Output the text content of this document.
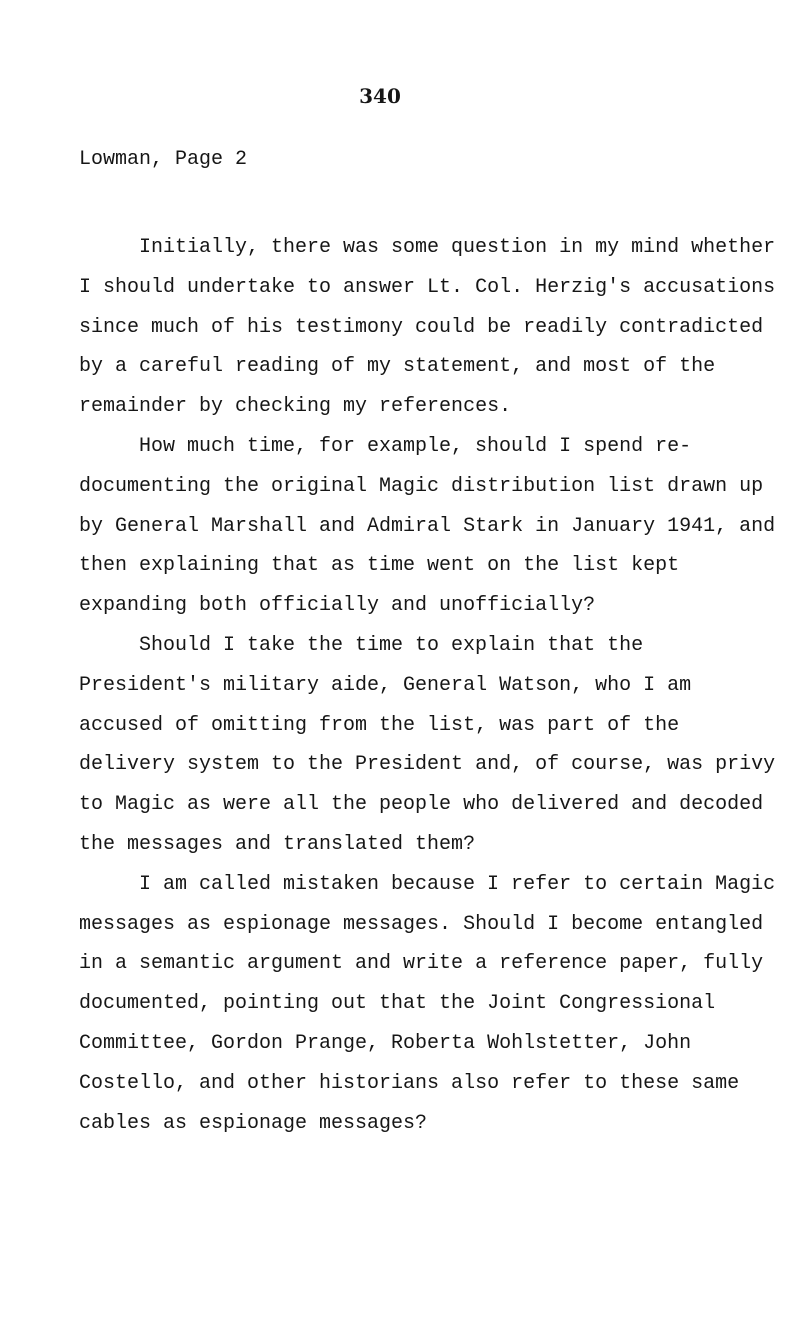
340
Lowman, Page 2

Initially, there was some question in my mind whether I should undertake to answer Lt. Col. Herzig's accusations since much of his testimony could be readily contradicted by a careful reading of my statement, and most of the remainder by checking my references.

How much time, for example, should I spend re-documenting the original Magic distribution list drawn up by General Marshall and Admiral Stark in January 1941, and then explaining that as time went on the list kept expanding both officially and unofficially?

Should I take the time to explain that the President's military aide, General Watson, who I am accused of omitting from the list, was part of the delivery system to the President and, of course, was privy to Magic as were all the people who delivered and decoded the messages and translated them?

I am called mistaken because I refer to certain Magic messages as espionage messages. Should I become entangled in a semantic argument and write a reference paper, fully documented, pointing out that the Joint Congressional Committee, Gordon Prange, Roberta Wohlstetter, John Costello, and other historians also refer to these same cables as espionage messages?
